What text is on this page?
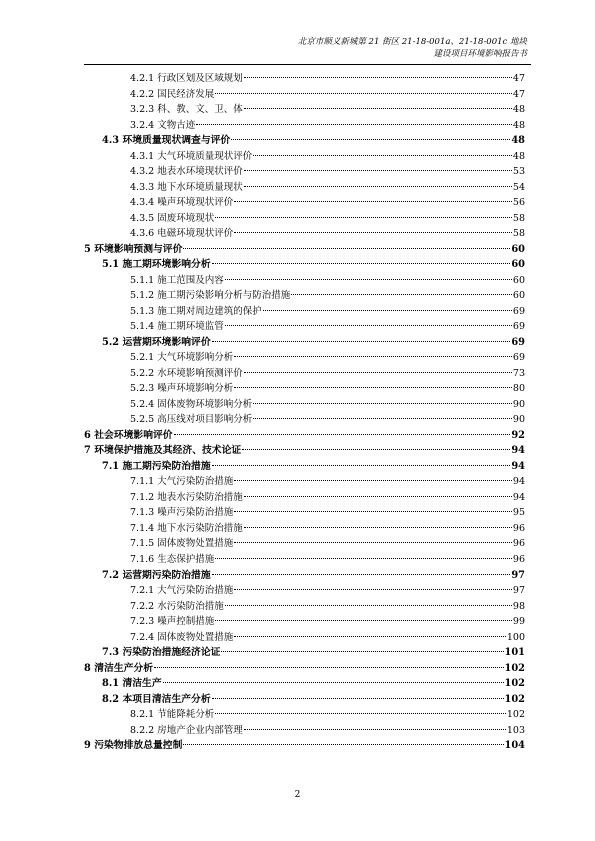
北京市顺义新城第 21 街区 21-18-001a、21-18-001c 地块
建设项目环境影响报告书
4.2.1 行政区划及区域规划	47
4.2.2 国民经济发展	47
3.2.3 科、教、文、卫、体	48
3.2.4 文物古迹	48
4.3 环境质量现状调查与评价	48
4.3.1 大气环境质量现状评价	48
4.3.2 地表水环境现状评价	53
4.3.3 地下水环境质量现状	54
4.3.4 噪声环境现状评价	56
4.3.5 固废环境现状	58
4.3.6 电磁环境现状评价	58
5 环境影响预测与评价	60
5.1 施工期环境影响分析	60
5.1.1 施工范围及内容	60
5.1.2 施工期污染影响分析与防治措施	60
5.1.3 施工期对周边建筑的保护	69
5.1.4 施工期环境监管	69
5.2 运营期环境影响评价	69
5.2.1 大气环境影响分析	69
5.2.2 水环境影响预测评价	73
5.2.3 噪声环境影响分析	80
5.2.4 固体废物环境影响分析	90
5.2.5 高压线对项目影响分析	90
6 社会环境影响评价	92
7 环境保护措施及其经济、技术论证	94
7.1 施工期污染防治措施	94
7.1.1 大气污染防治措施	94
7.1.2 地表水污染防治措施	94
7.1.3 噪声污染防治措施	95
7.1.4 地下水污染防治措施	96
7.1.5 固体废物处置措施	96
7.1.6 生态保护措施	96
7.2 运营期污染防治措施	97
7.2.1 大气污染防治措施	97
7.2.2 水污染防治措施	98
7.2.3 噪声控制措施	99
7.2.4 固体废物处置措施	100
7.3 污染防治措施经济论证	101
8 清洁生产分析	102
8.1 清洁生产	102
8.2 本项目清洁生产分析	102
8.2.1 节能降耗分析	102
8.2.2 房地产企业内部管理	103
9 污染物排放总量控制	104
2
